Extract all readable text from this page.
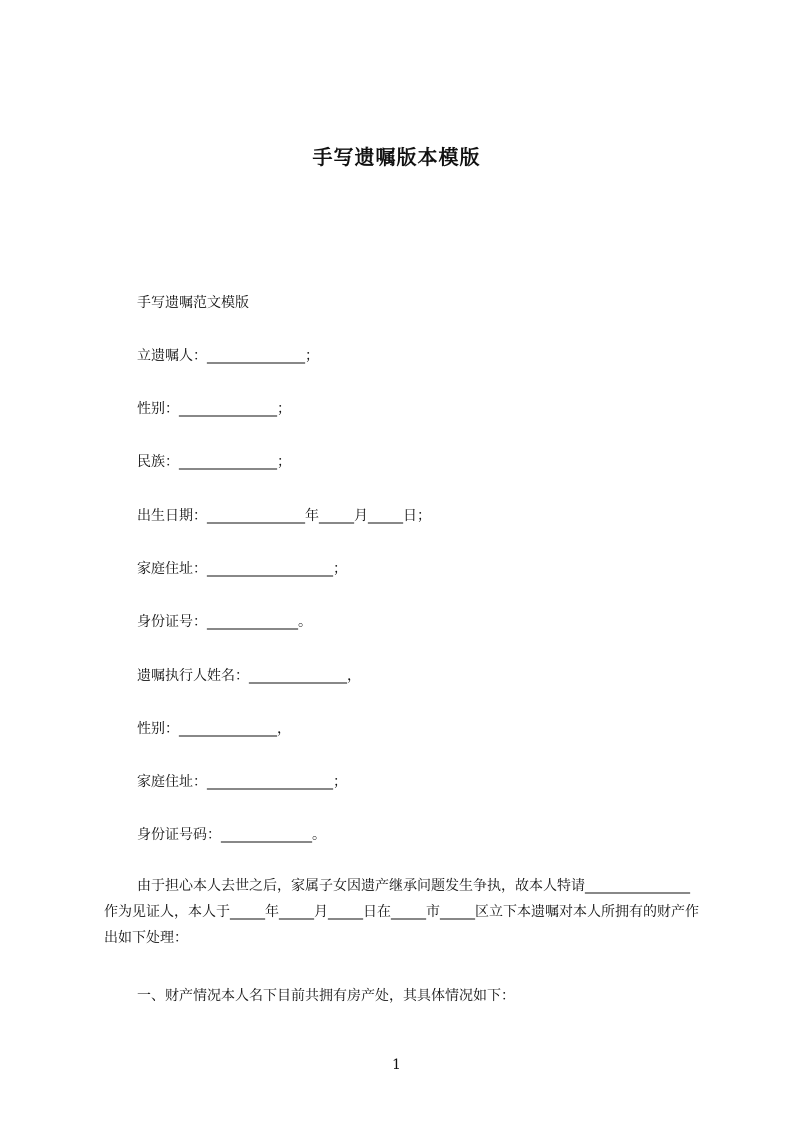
手写遗嘱版本模版
手写遗嘱范文模版
立遗嘱人：______________；
性别：______________；
民族：______________；
出生日期：______________年_____月_____日；
家庭住址：__________________；
身份证号：_____________。
遗嘱执行人姓名：______________，
性别：______________，
家庭住址：__________________；
身份证号码：_____________。
由于担心本人去世之后，家属子女因遗产继承问题发生争执，故本人特请_______________作为见证人，本人于_____年_____月_____日在_____市_____区立下本遗嘱对本人所拥有的财产作出如下处理：
一、财产情况本人名下目前共拥有房产处，其具体情况如下：
1
